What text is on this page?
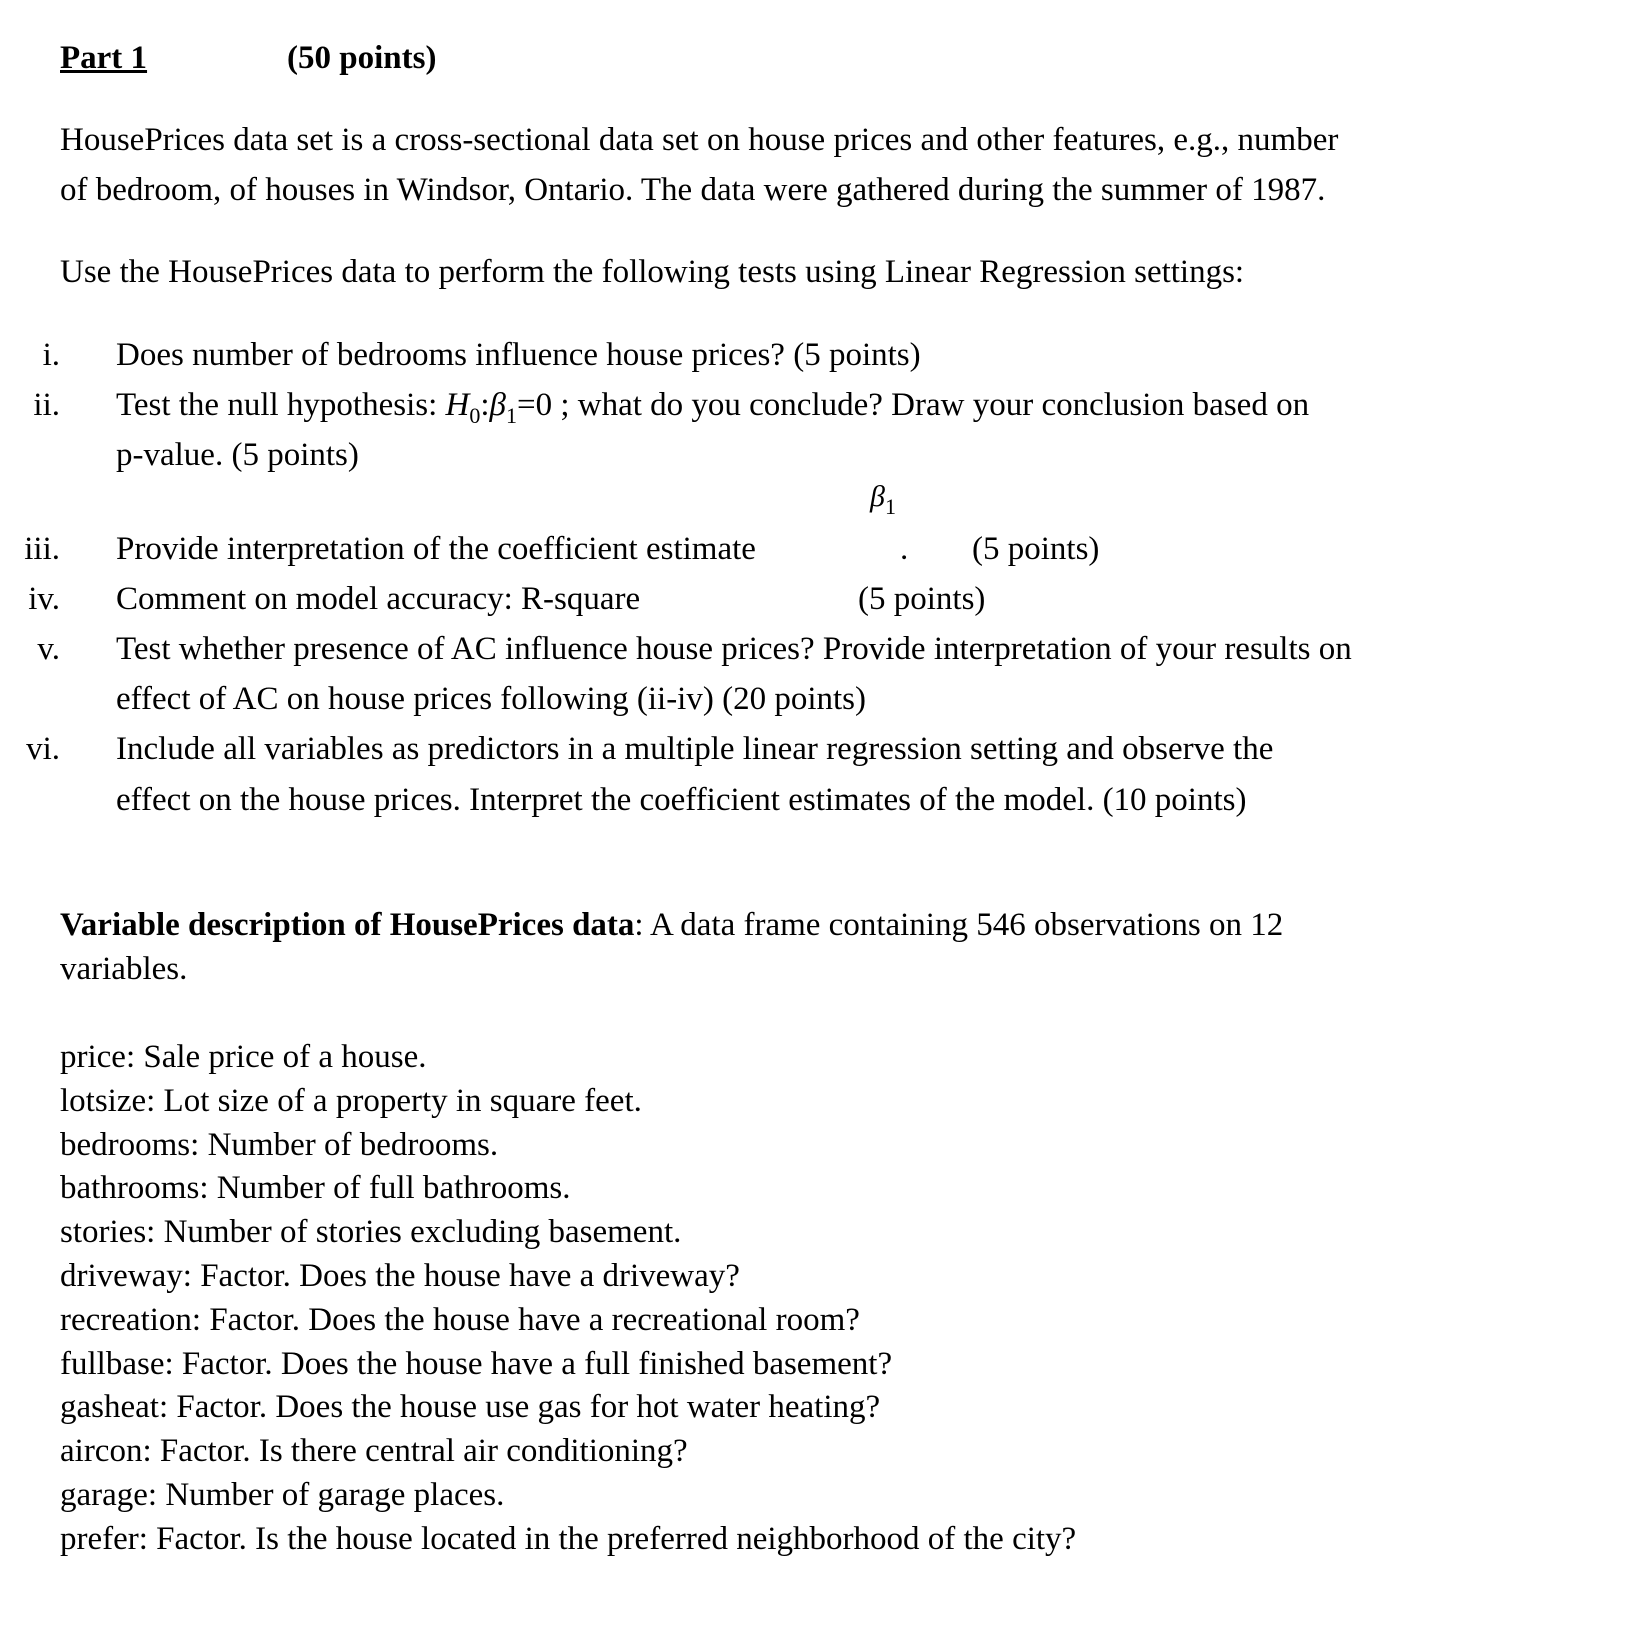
Part 1	(50 points)
HousePrices data set is a cross-sectional data set on house prices and other features, e.g., number
of bedroom, of houses in Windsor, Ontario. The data were gathered during the summer of 1987.
Use the HousePrices data to perform the following tests using Linear Regression settings:
i. Does number of bedrooms influence house prices? (5 points)
ii. Test the null hypothesis: $H_0:\beta_1=0$ ; what do you conclude? Draw your conclusion based on
p-value. (5 points)
$\beta_1$
iii. Provide interpretation of the coefficient estimate	. (5 points)
iv. Comment on model accuracy: R-square	(5 points)
v. Test whether presence of AC influence house prices? Provide interpretation of your results on
effect of AC on house prices following (ii-iv) (20 points)
vi. Include all variables as predictors in a multiple linear regression setting and observe the
effect on the house prices. Interpret the coefficient estimates of the model. (10 points)
Variable description of HousePrices data: A data frame containing 546 observations on 12
variables.
price: Sale price of a house.
lotsize: Lot size of a property in square feet.
bedrooms: Number of bedrooms.
bathrooms: Number of full bathrooms.
stories: Number of stories excluding basement.
driveway: Factor. Does the house have a driveway?
recreation: Factor. Does the house have a recreational room?
fullbase: Factor. Does the house have a full finished basement?
gasheat: Factor. Does the house use gas for hot water heating?
aircon: Factor. Is there central air conditioning?
garage: Number of garage places.
prefer: Factor. Is the house located in the preferred neighborhood of the city?
